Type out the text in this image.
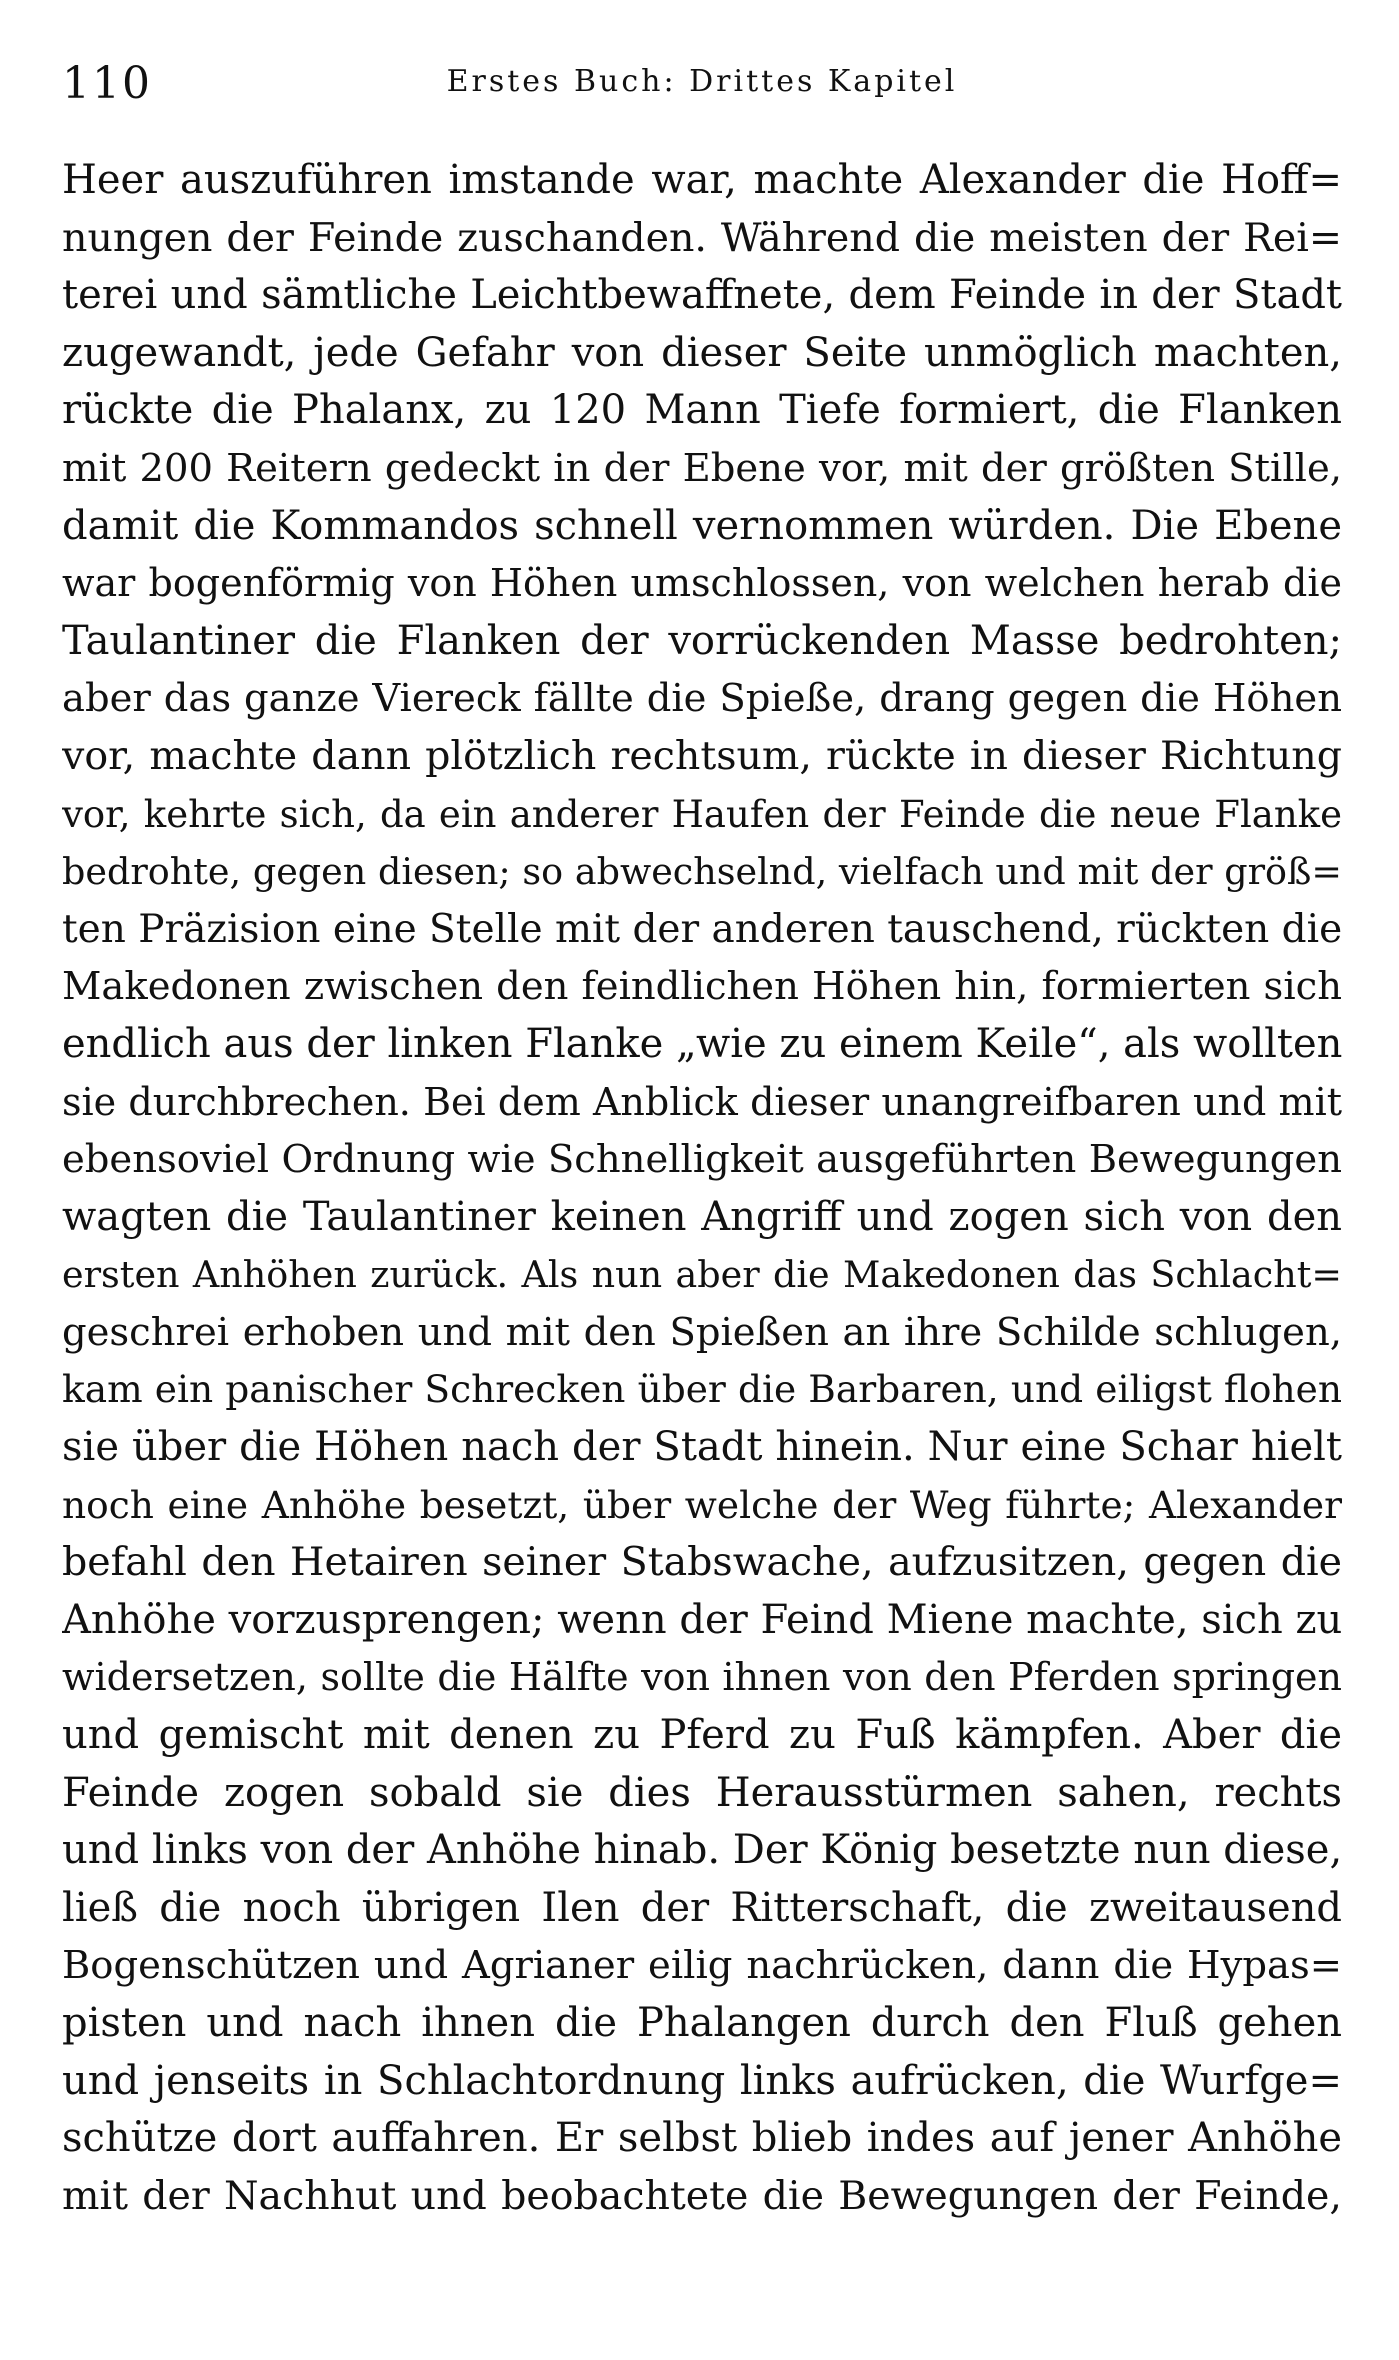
110	Erstes Buch: Drittes Kapitel
Heer auszuführen imstande war, machte Alexander die Hoff=
nungen der Feinde zuschanden. Während die meisten der Rei=
terei und sämtliche Leichtbewaffnete, dem Feinde in der Stadt
zugewandt, jede Gefahr von dieser Seite unmöglich machten,
rückte die Phalanx, zu 120 Mann Tiefe formiert, die Flanken
mit 200 Reitern gedeckt in der Ebene vor, mit der größten Stille,
damit die Kommandos schnell vernommen würden. Die Ebene
war bogenförmig von Höhen umschlossen, von welchen herab die
Taulantiner die Flanken der vorrückenden Masse bedrohten;
aber das ganze Viereck fällte die Spieße, drang gegen die Höhen
vor, machte dann plötzlich rechtsum, rückte in dieser Richtung
vor, kehrte sich, da ein anderer Haufen der Feinde die neue Flanke
bedrohte, gegen diesen; so abwechselnd, vielfach und mit der größ=
ten Präzision eine Stelle mit der anderen tauschend, rückten die
Makedonen zwischen den feindlichen Höhen hin, formierten sich
endlich aus der linken Flanke „wie zu einem Keile“, als wollten
sie durchbrechen. Bei dem Anblick dieser unangreifbaren und mit
ebensoviel Ordnung wie Schnelligkeit ausgeführten Bewegungen
wagten die Taulantiner keinen Angriff und zogen sich von den
ersten Anhöhen zurück. Als nun aber die Makedonen das Schlacht=
geschrei erhoben und mit den Spießen an ihre Schilde schlugen,
kam ein panischer Schrecken über die Barbaren, und eiligst flohen
sie über die Höhen nach der Stadt hinein. Nur eine Schar hielt
noch eine Anhöhe besetzt, über welche der Weg führte; Alexander
befahl den Hetairen seiner Stabswache, aufzusitzen, gegen die
Anhöhe vorzusprengen; wenn der Feind Miene machte, sich zu
widersetzen, sollte die Hälfte von ihnen von den Pferden springen
und gemischt mit denen zu Pferd zu Fuß kämpfen. Aber die
Feinde zogen sobald sie dies Herausstürmen sahen, rechts
und links von der Anhöhe hinab. Der König besetzte nun diese,
ließ die noch übrigen Ilen der Ritterschaft, die zweitausend
Bogenschützen und Agrianer eilig nachrücken, dann die Hypas=
pisten und nach ihnen die Phalangen durch den Fluß gehen
und jenseits in Schlachtordnung links aufrücken, die Wurfge=
schütze dort auffahren. Er selbst blieb indes auf jener Anhöhe
mit der Nachhut und beobachtete die Bewegungen der Feinde,
